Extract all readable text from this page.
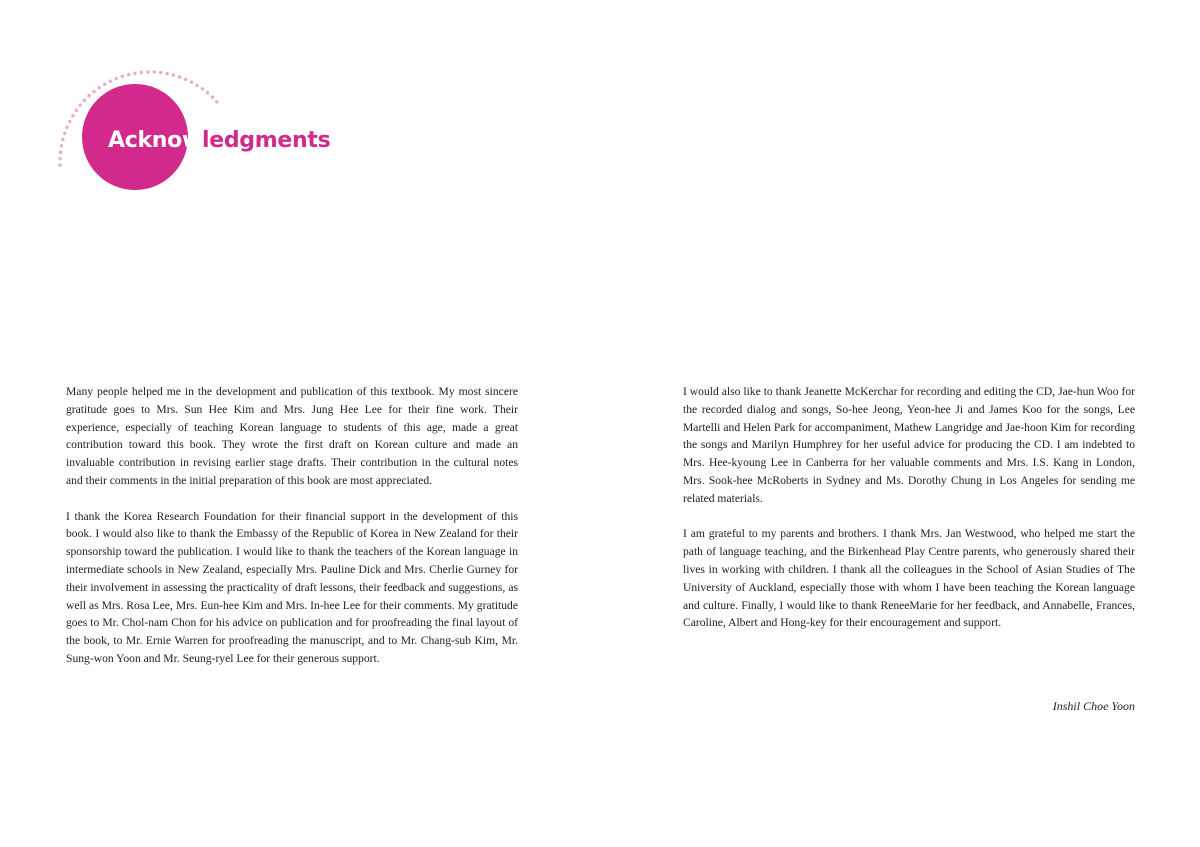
Acknowledgments

Many people helped me in the development and publication of this textbook. My most sincere gratitude goes to Mrs. Sun Hee Kim and Mrs. Jung Hee Lee for their fine work. Their experience, especially of teaching Korean language to students of this age, made a great contribution toward this book. They wrote the first draft on Korean culture and made an invaluable contribution in revising earlier stage drafts. Their contribution in the cultural notes and their comments in the initial preparation of this book are most appreciated.

I thank the Korea Research Foundation for their financial support in the development of this book. I would also like to thank the Embassy of the Republic of Korea in New Zealand for their sponsorship toward the publication. I would like to thank the teachers of the Korean language in intermediate schools in New Zealand, especially Mrs. Pauline Dick and Mrs. Cherlie Gurney for their involvement in assessing the practicality of draft lessons, their feedback and suggestions, as well as Mrs. Rosa Lee, Mrs. Eun-hee Kim and Mrs. In-hee Lee for their comments. My gratitude goes to Mr. Chol-nam Chon for his advice on publication and for proofreading the final layout of the book, to Mr. Ernie Warren for proofreading the manuscript, and to Mr. Chang-sub Kim, Mr. Sung-won Yoon and Mr. Seung-ryel Lee for their generous support.

I would also like to thank Jeanette McKerchar for recording and editing the CD, Jae-hun Woo for the recorded dialog and songs, So-hee Jeong, Yeon-hee Ji and James Koo for the songs, Lee Martelli and Helen Park for accompaniment, Mathew Langridge and Jae-hoon Kim for recording the songs and Marilyn Humphrey for her useful advice for producing the CD. I am indebted to Mrs. Hee-kyoung Lee in Canberra for her valuable comments and Mrs. I.S. Kang in London, Mrs. Sook-hee McRoberts in Sydney and Ms. Dorothy Chung in Los Angeles for sending me related materials.

I am grateful to my parents and brothers. I thank Mrs. Jan Westwood, who helped me start the path of language teaching, and the Birkenhead Play Centre parents, who generously shared their lives in working with children. I thank all the colleagues in the School of Asian Studies of The University of Auckland, especially those with whom I have been teaching the Korean language and culture. Finally, I would like to thank ReneeMarie for her feedback, and Annabelle, Frances, Caroline, Albert and Hong-key for their encouragement and support.

Inshil Choe Yoon
